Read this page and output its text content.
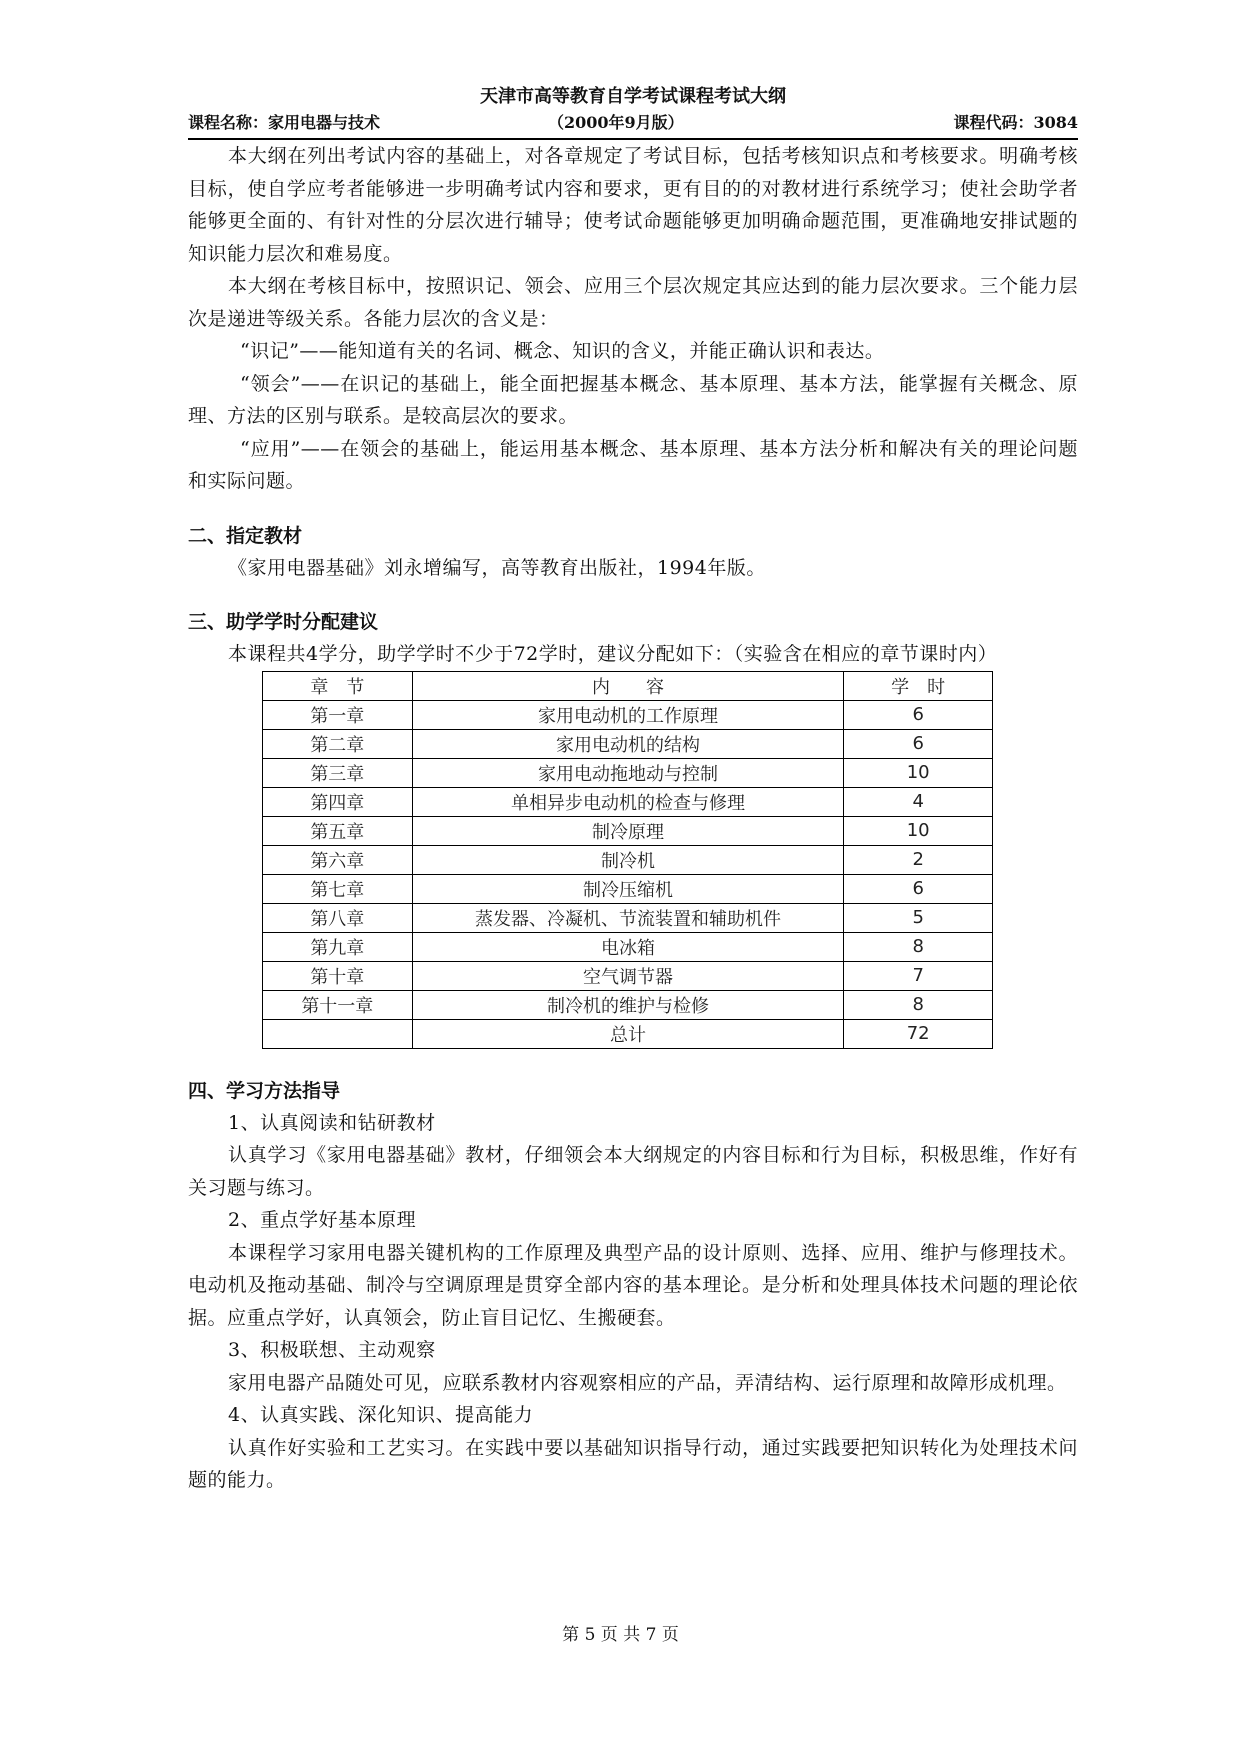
天津市高等教育自学考试课程考试大纲
课程名称：家用电器与技术	（2000年9月版）	课程代码：3084

本大纲在列出考试内容的基础上，对各章规定了考试目标，包括考核知识点和考核要求。明确考核目标，使自学应考者能够进一步明确考试内容和要求，更有目的的对教材进行系统学习；使社会助学者能够更全面的、有针对性的分层次进行辅导；使考试命题能够更加明确命题范围，更准确地安排试题的知识能力层次和难易度。

本大纲在考核目标中，按照识记、领会、应用三个层次规定其应达到的能力层次要求。三个能力层次是递进等级关系。各能力层次的含义是：

“识记”——能知道有关的名词、概念、知识的含义，并能正确认识和表达。

“领会”——在识记的基础上，能全面把握基本概念、基本原理、基本方法，能掌握有关概念、原理、方法的区别与联系。是较高层次的要求。

“应用”——在领会的基础上，能运用基本概念、基本原理、基本方法分析和解决有关的理论问题和实际问题。

二、指定教材

《家用电器基础》刘永增编写，高等教育出版社，1994年版。

三、助学学时分配建议

本课程共4学分，助学学时不少于72学时，建议分配如下：（实验含在相应的章节课时内）

章　节	内　　容	学　时
第一章	家用电动机的工作原理	6
第二章	家用电动机的结构	6
第三章	家用电动拖地动与控制	10
第四章	单相异步电动机的检查与修理	4
第五章	制冷原理	10
第六章	制冷机	2
第七章	制冷压缩机	6
第八章	蒸发器、冷凝机、节流装置和辅助机件	5
第九章	电冰箱	8
第十章	空气调节器	7
第十一章	制冷机的维护与检修	8
	总计	72
四、学习方法指导

1、认真阅读和钻研教材

认真学习《家用电器基础》教材，仔细领会本大纲规定的内容目标和行为目标，积极思维，作好有关习题与练习。

2、重点学好基本原理

本课程学习家用电器关键机构的工作原理及典型产品的设计原则、选择、应用、维护与修理技术。电动机及拖动基础、制冷与空调原理是贯穿全部内容的基本理论。是分析和处理具体技术问题的理论依据。应重点学好，认真领会，防止盲目记忆、生搬硬套。

3、积极联想、主动观察

家用电器产品随处可见，应联系教材内容观察相应的产品，弄清结构、运行原理和故障形成机理。

4、认真实践、深化知识、提高能力

认真作好实验和工艺实习。在实践中要以基础知识指导行动，通过实践要把知识转化为处理技术问题的能力。

第 5 页 共 7 页
